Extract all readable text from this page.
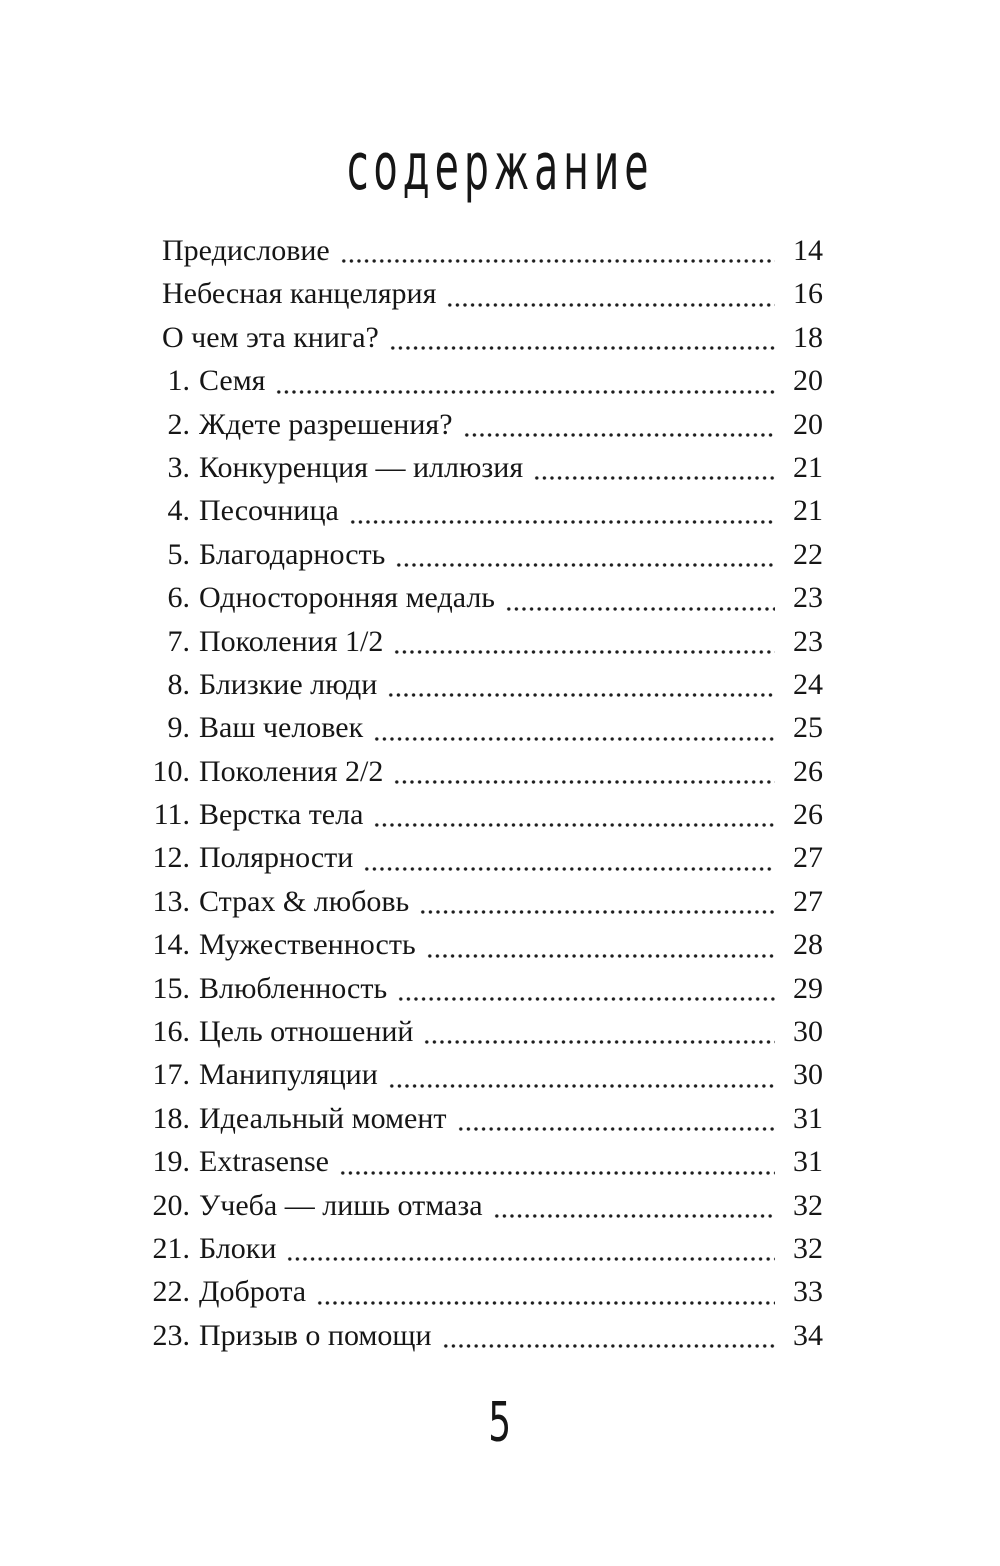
содержание
Предисловие	14
Небесная канцелярия	16
О чем эта книга?	18
1. Семя	20
2. Ждете разрешения?	20
3. Конкуренция — иллюзия	21
4. Песочница	21
5. Благодарность	22
6. Односторонняя медаль	23
7. Поколения 1/2	23
8. Близкие люди	24
9. Ваш человек	25
10. Поколения 2/2	26
11. Верстка тела	26
12. Полярности	27
13. Страх & любовь	27
14. Мужественность	28
15. Влюбленность	29
16. Цель отношений	30
17. Манипуляции	30
18. Идеальный момент	31
19. Extrasense	31
20. Учеба — лишь отмаза	32
21. Блоки	32
22. Доброта	33
23. Призыв о помощи	34
5
